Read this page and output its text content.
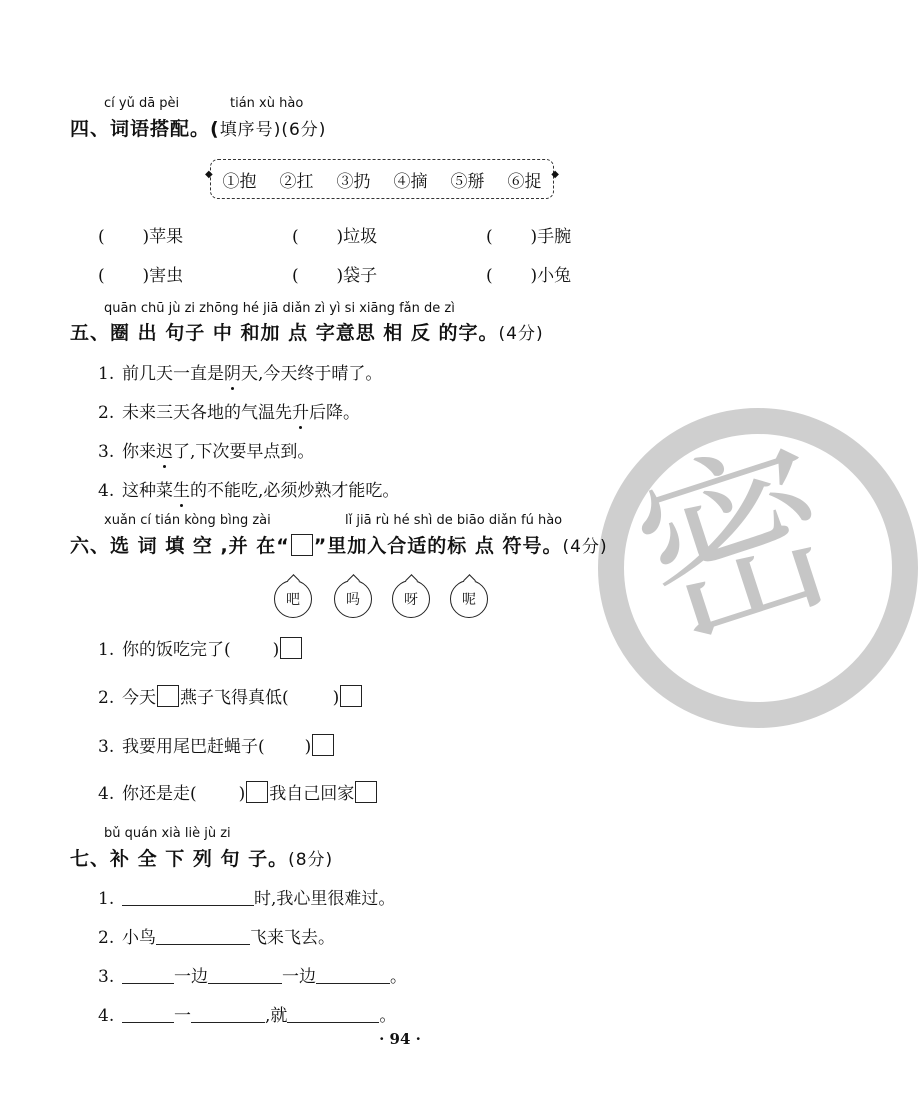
密
cí yǔ dā pèi	tián xù hào
四、词语搭配。(填序号)(6分)
◆ ①抱 ②扛 ③扔 ④摘 ⑤掰 ⑥捉
◆
(       )苹果	(       )垃圾	(       )手腕
(       )害虫	(       )袋子	(       )小兔
quān chū jù zi zhōng hé jiā diǎn zì yì si xiāng fǎn de zì
五、圈 出 句子 中 和加 点 字意思 相 反 的字。(4分)
1. 前几天一直是阴天,今天终于晴了。
2. 未来三天各地的气温先升后降。
3. 你来迟了,下次要早点到。
4. 这种菜生的不能吃,必须炒熟才能吃。
xuǎn cí tián kòng bìng zài	lǐ jiā rù hé shì de biāo diǎn fú hào
六、选 词 填 空 ,并 在“ ”里加入合适的标 点 符号。(4分)
吧	吗	呀	呢
1. 你的饭吃完了( )
2. 今天 燕子飞得真低(	)
3. 我要用尾巴赶蝇子( )
4. 你还是走( ) 我自己回家
bǔ quán xià liè jù zi
七、补 全 下 列 句 子。(8分)
1.	时,我心里很难过。
2. 小鸟	飞来飞去。
3.	一边	一边	。
4.	一	,就	。
· 94 ·
